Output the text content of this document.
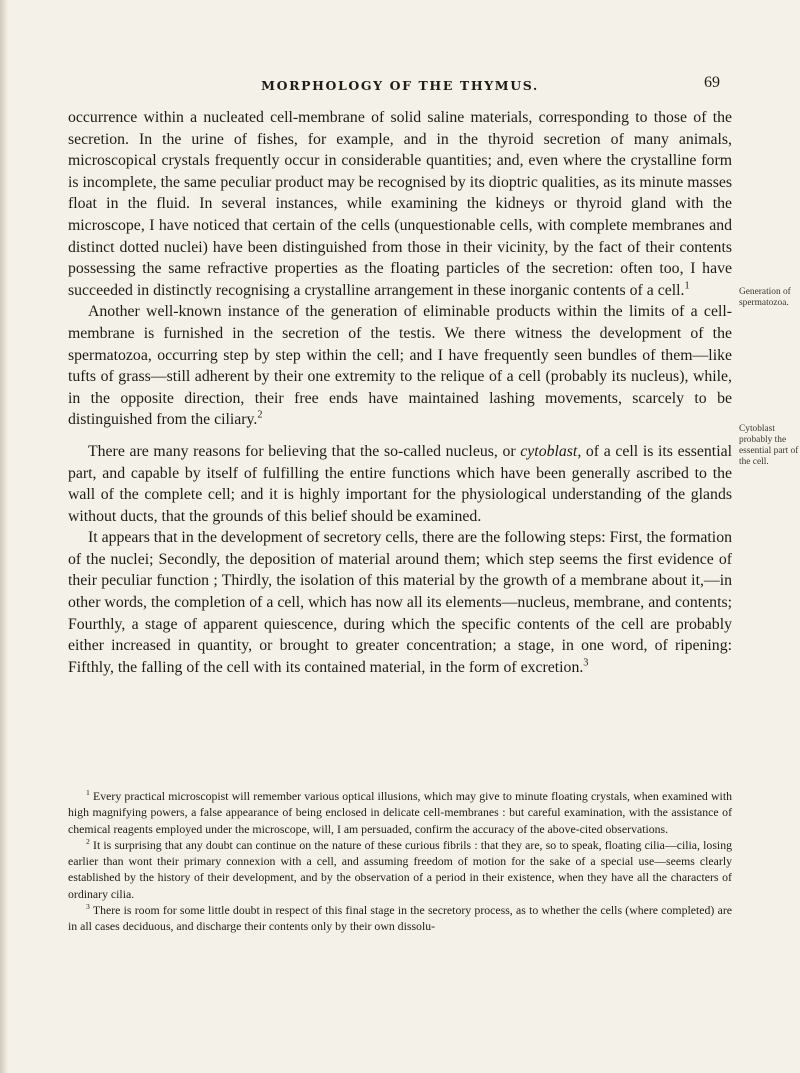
MORPHOLOGY OF THE THYMUS.	69

occurrence within a nucleated cell-membrane of solid saline materials, corresponding to those of the secretion. In the urine of fishes, for example, and in the thyroid secretion of many animals, microscopical crystals frequently occur in considerable quantities; and, even where the crystalline form is incomplete, the same peculiar product may be recognised by its dioptric qualities, as its minute masses float in the fluid. In several instances, while examining the kidneys or thyroid gland with the microscope, I have noticed that certain of the cells (unquestionable cells, with complete membranes and distinct dotted nuclei) have been distinguished from those in their vicinity, by the fact of their contents possessing the same refractive properties as the floating particles of the secretion: often too, I have succeeded in distinctly recognising a crystalline arrangement in these inorganic contents of a cell.$^1$

Another well-known instance of the generation of eliminable products within the limits of a cell-membrane is furnished in the secretion of the testis. We there witness the development of the spermatozoa, occurring step by step within the cell; and I have frequently seen bundles of them—like tufts of grass—still adherent by their one extremity to the relique of a cell (probably its nucleus), while, in the opposite direction, their free ends have maintained lashing movements, scarcely to be distinguished from the ciliary.$^2$

There are many reasons for believing that the so-called nucleus, or cytoblast, of a cell is its essential part, and capable by itself of fulfilling the entire functions which have been generally ascribed to the wall of the complete cell; and it is highly important for the physiological understanding of the glands without ducts, that the grounds of this belief should be examined.

It appears that in the development of secretory cells, there are the following steps: First, the formation of the nuclei; Secondly, the deposition of material around them; which step seems the first evidence of their peculiar function ; Thirdly, the isolation of this material by the growth of a membrane about it,—in other words, the completion of a cell, which has now all its elements—nucleus, membrane, and contents; Fourthly, a stage of apparent quiescence, during which the specific contents of the cell are probably either increased in quantity, or brought to greater concentration; a stage, in one word, of ripening: Fifthly, the falling of the cell with its contained material, in the form of excretion.$^3$

Generation of spermatozoa.
Cytoblast probably the essential part of the cell.

$^1$ Every practical microscopist will remember various optical illusions, which may give to minute floating crystals, when examined with high magnifying powers, a false appearance of being enclosed in delicate cell-membranes : but careful examination, with the assistance of chemical reagents employed under the microscope, will, I am persuaded, confirm the accuracy of the above-cited observations.

$^2$ It is surprising that any doubt can continue on the nature of these curious fibrils : that they are, so to speak, floating cilia—cilia, losing earlier than wont their primary connexion with a cell, and assuming freedom of motion for the sake of a special use—seems clearly established by the history of their development, and by the observation of a period in their existence, when they have all the characters of ordinary cilia.

$^3$ There is room for some little doubt in respect of this final stage in the secretory process, as to whether the cells (where completed) are in all cases deciduous, and discharge their contents only by their own dissolu-
